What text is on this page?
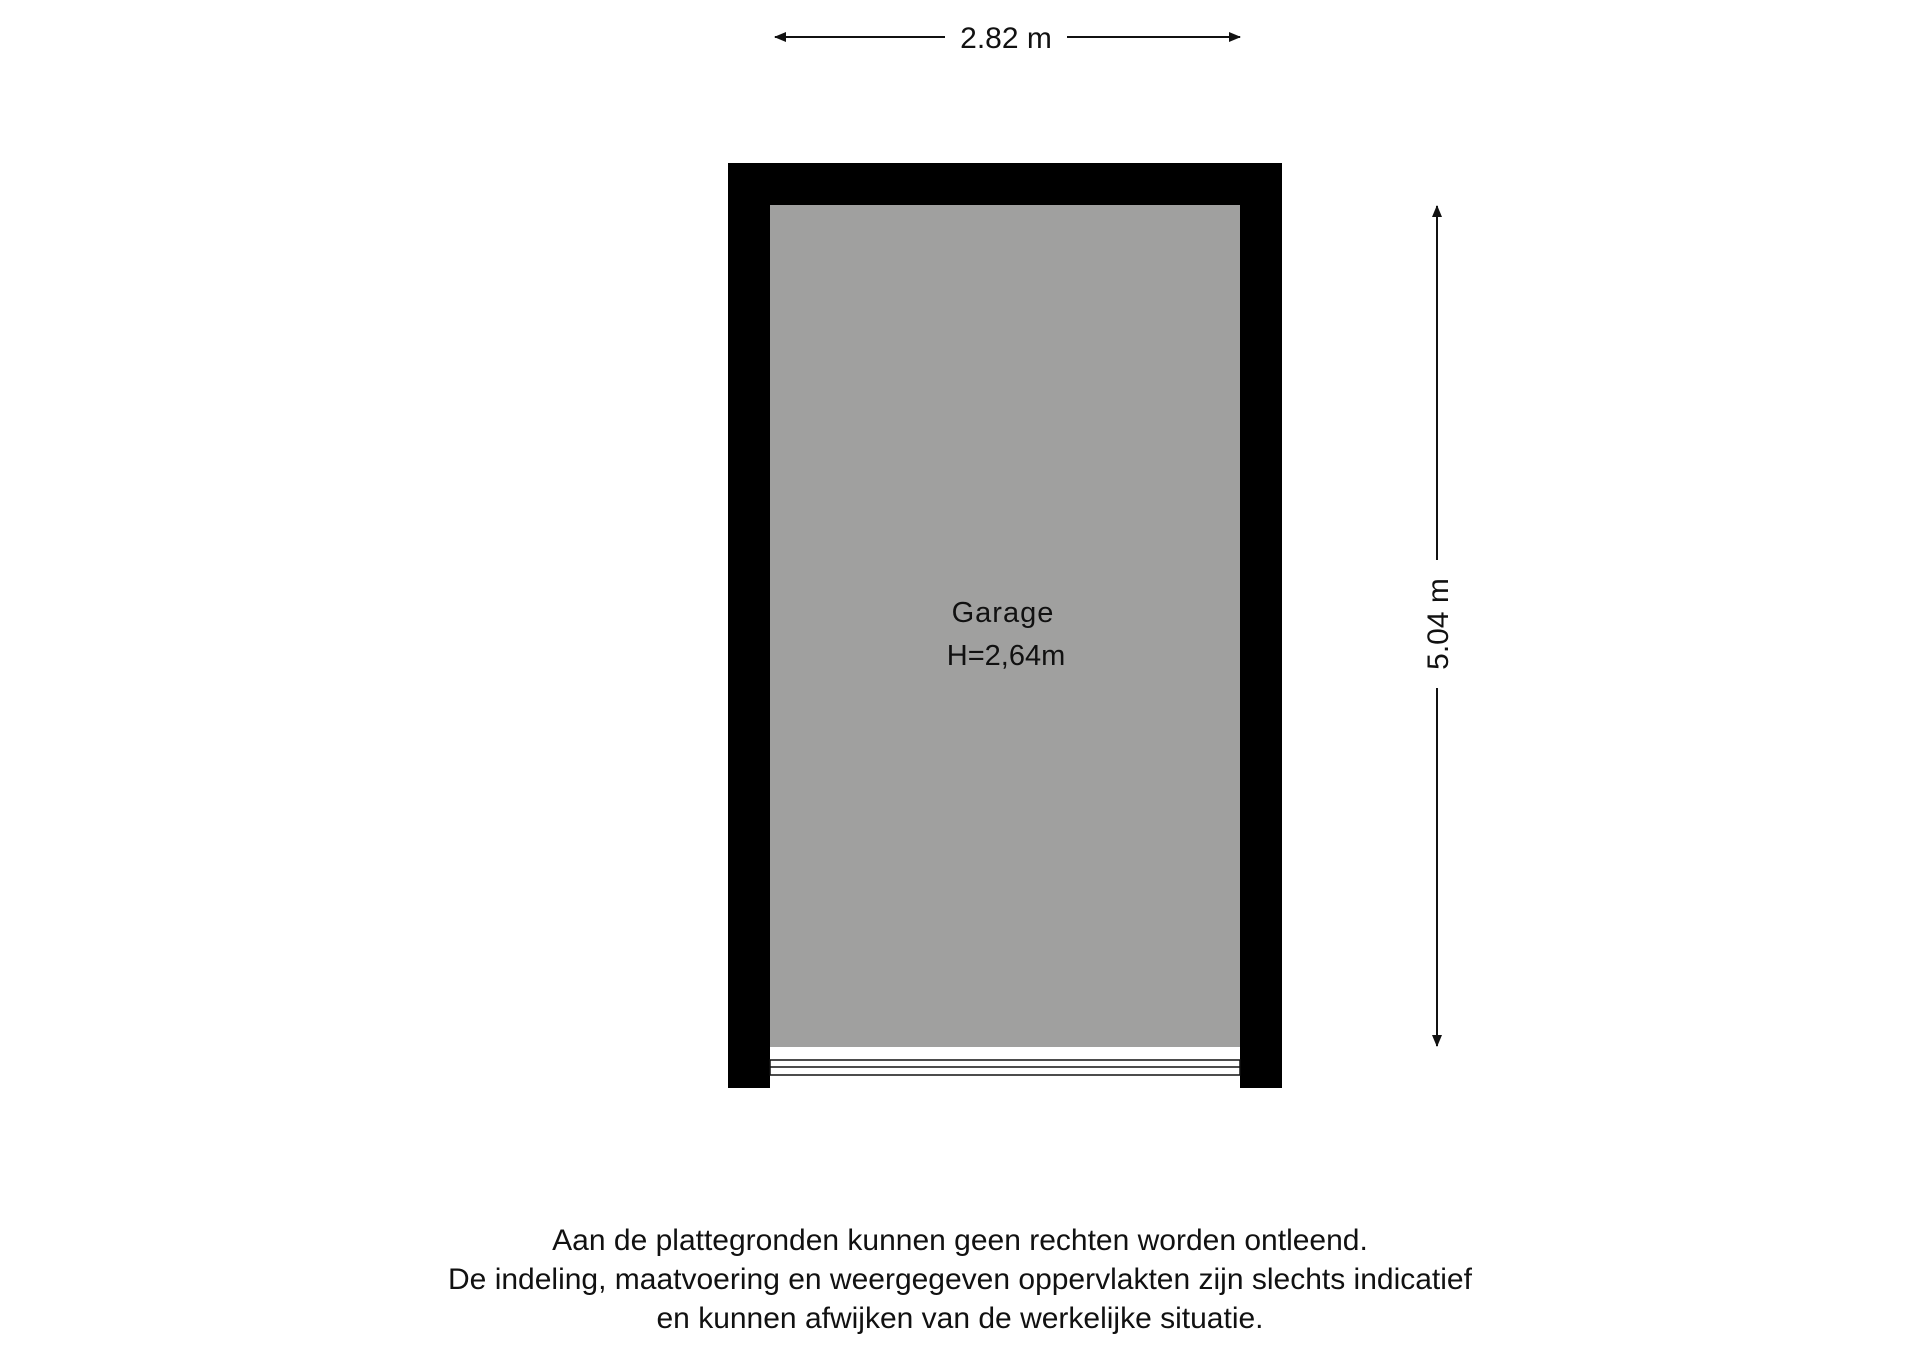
2.82 m
5.04 m
Garage
H=2,64m
Aan de plattegronden kunnen geen rechten worden ontleend.
De indeling, maatvoering en weergegeven oppervlakten zijn slechts indicatief
en kunnen afwijken van de werkelijke situatie.
